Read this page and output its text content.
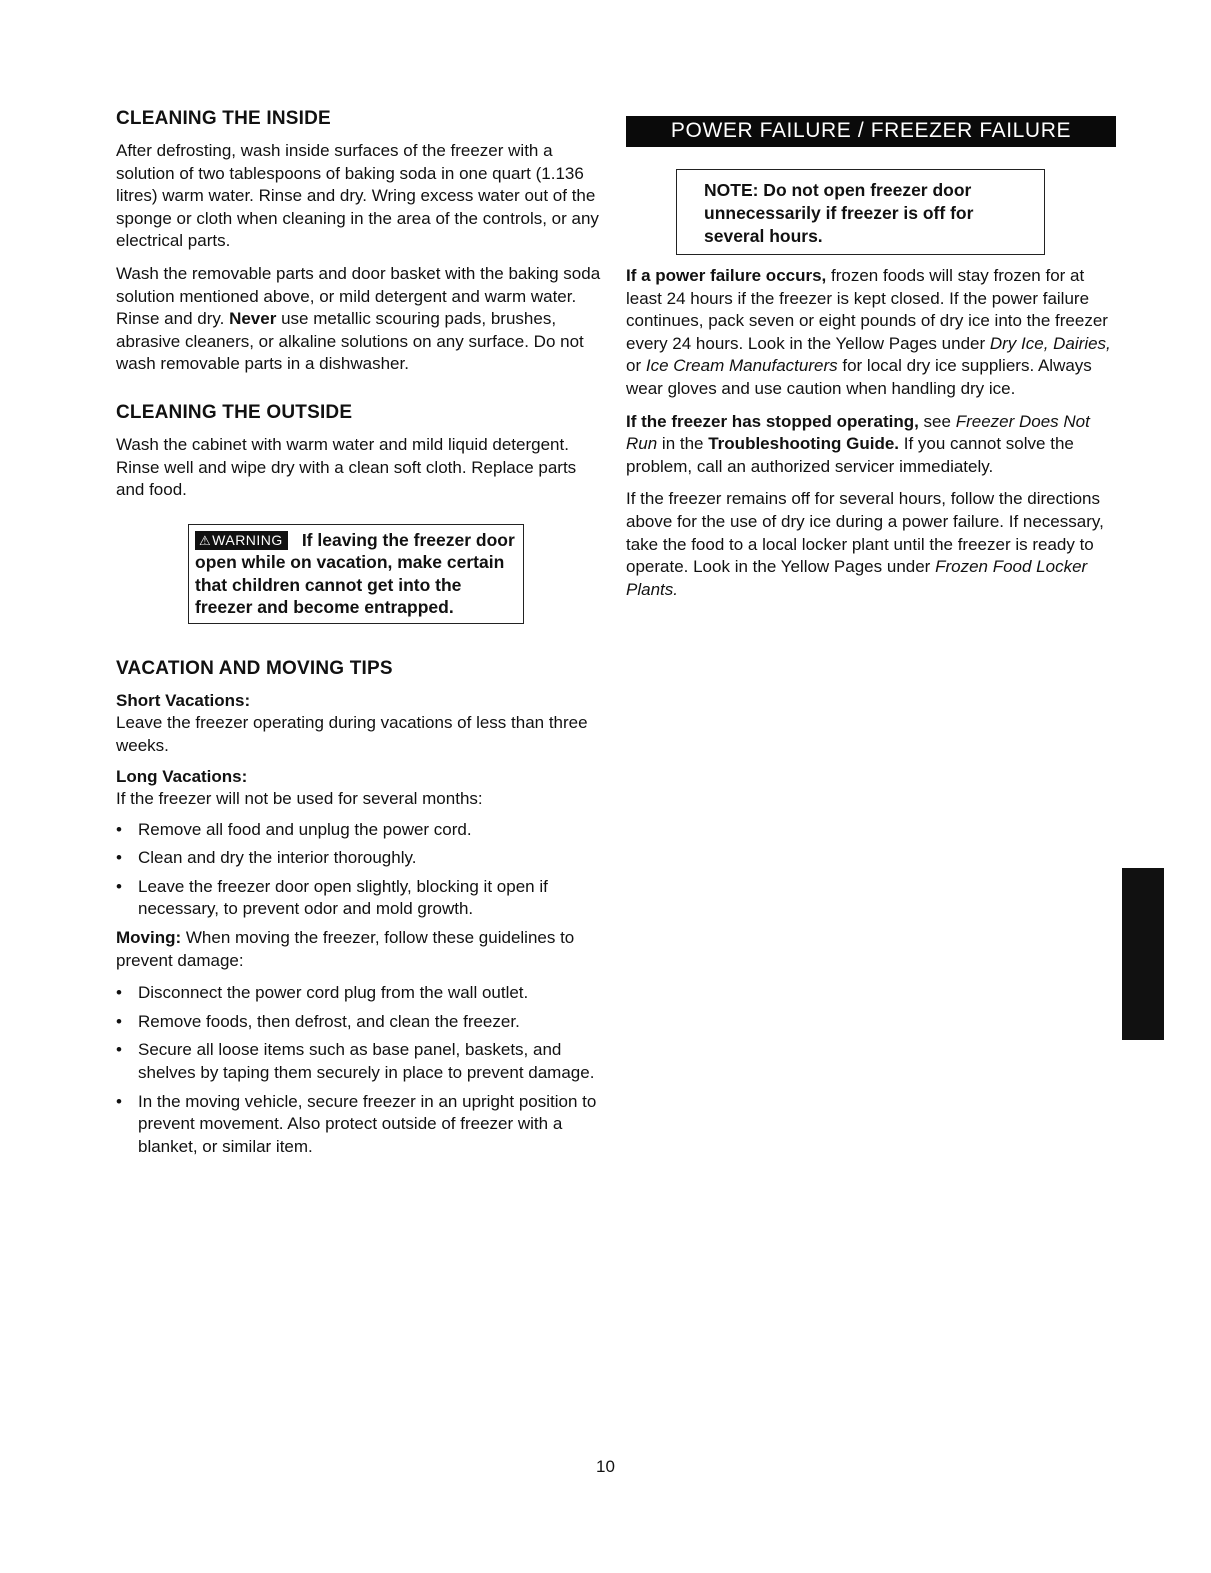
CLEANING THE INSIDE

After defrosting, wash inside surfaces of the freezer with a solution of two tablespoons of baking soda in one quart (1.136 litres) warm water. Rinse and dry. Wring excess water out of the sponge or cloth when cleaning in the area of the controls, or any electrical parts.

Wash the removable parts and door basket with the baking soda solution mentioned above, or mild detergent and warm water. Rinse and dry. Never use metallic scouring pads, brushes, abrasive cleaners, or alkaline solutions on any surface. Do not wash removable parts in a dishwasher.

CLEANING THE OUTSIDE

Wash the cabinet with warm water and mild liquid detergent. Rinse well and wipe dry with a clean soft cloth. Replace parts and food.

⚠WARNING If leaving the freezer door open while on vacation, make certain that children cannot get into the freezer and become entrapped.
VACATION AND MOVING TIPS

Short Vacations:

Leave the freezer operating during vacations of less than three weeks.

Long Vacations:

If the freezer will not be used for several months:

• Remove all food and unplug the power cord.
• Clean and dry the interior thoroughly.
• Leave the freezer door open slightly, blocking it open if necessary, to prevent odor and mold growth.

Moving: When moving the freezer, follow these guidelines to prevent damage:

• Disconnect the power cord plug from the wall outlet.
• Remove foods, then defrost, and clean the freezer.
• Secure all loose items such as base panel, baskets, and shelves by taping them securely in place to prevent damage.
• In the moving vehicle, secure freezer in an upright position to prevent movement. Also protect outside of freezer with a blanket, or similar item.
POWER FAILURE / FREEZER FAILURE
NOTE: Do not open freezer door unnecessarily if freezer is off for several hours.

If a power failure occurs, frozen foods will stay frozen for at least 24 hours if the freezer is kept closed. If the power failure continues, pack seven or eight pounds of dry ice into the freezer every 24 hours. Look in the Yellow Pages under Dry Ice, Dairies, or Ice Cream Manufacturers for local dry ice suppliers. Always wear gloves and use caution when handling dry ice.

If the freezer has stopped operating, see Freezer Does Not Run in the Troubleshooting Guide. If you cannot solve the problem, call an authorized servicer immediately.

If the freezer remains off for several hours, follow the directions above for the use of dry ice during a power failure. If necessary, take the food to a local locker plant until the freezer is ready to operate. Look in the Yellow Pages under Frozen Food Locker Plants.

10
